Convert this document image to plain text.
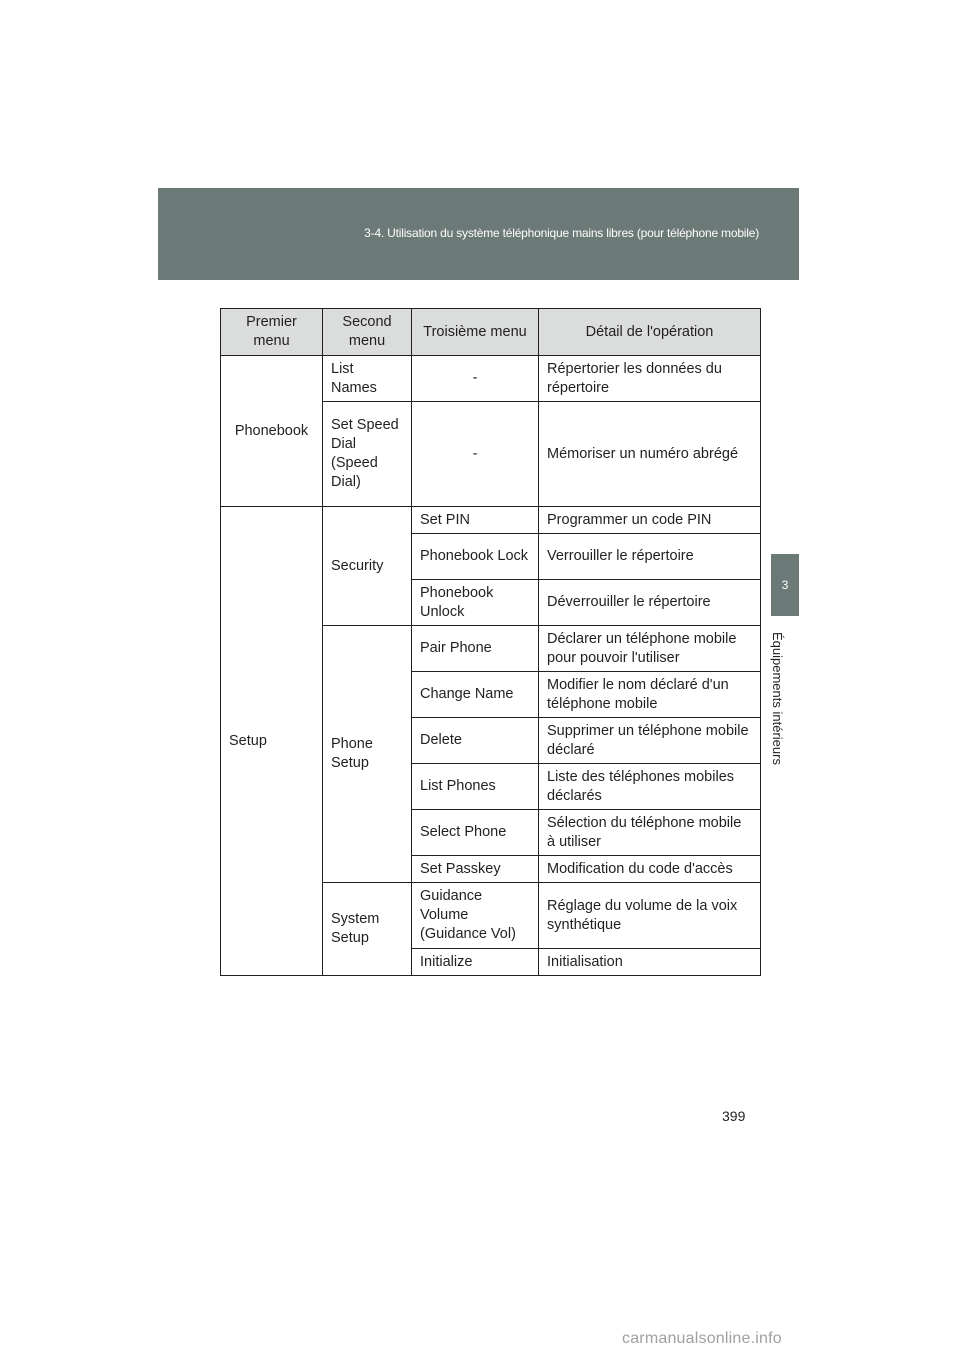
3-4. Utilisation du système téléphonique mains libres (pour téléphone mobile)
3
Équipements intérieurs
Premier menu	Second menu	Troisième menu	Détail de l'opération
Phonebook	List Names	-	Répertorier les données du répertoire
	Set Speed Dial (Speed Dial)	-	Mémoriser un numéro abrégé
Setup	Security	Set PIN	Programmer un code PIN
		Phonebook Lock	Verrouiller le répertoire
		Phonebook Unlock	Déverrouiller le répertoire
	Phone Setup	Pair Phone	Déclarer un téléphone mobile pour pouvoir l'utiliser
		Change Name	Modifier le nom déclaré d'un téléphone mobile
		Delete	Supprimer un téléphone mobile déclaré
		List Phones	Liste des téléphones mobiles déclarés
		Select Phone	Sélection du téléphone mobile à utiliser
		Set Passkey	Modification du code d'accès
	System Setup	Guidance Volume (Guidance Vol)	Réglage du volume de la voix synthétique
		Initialize	Initialisation
399
carmanualsonline.info
